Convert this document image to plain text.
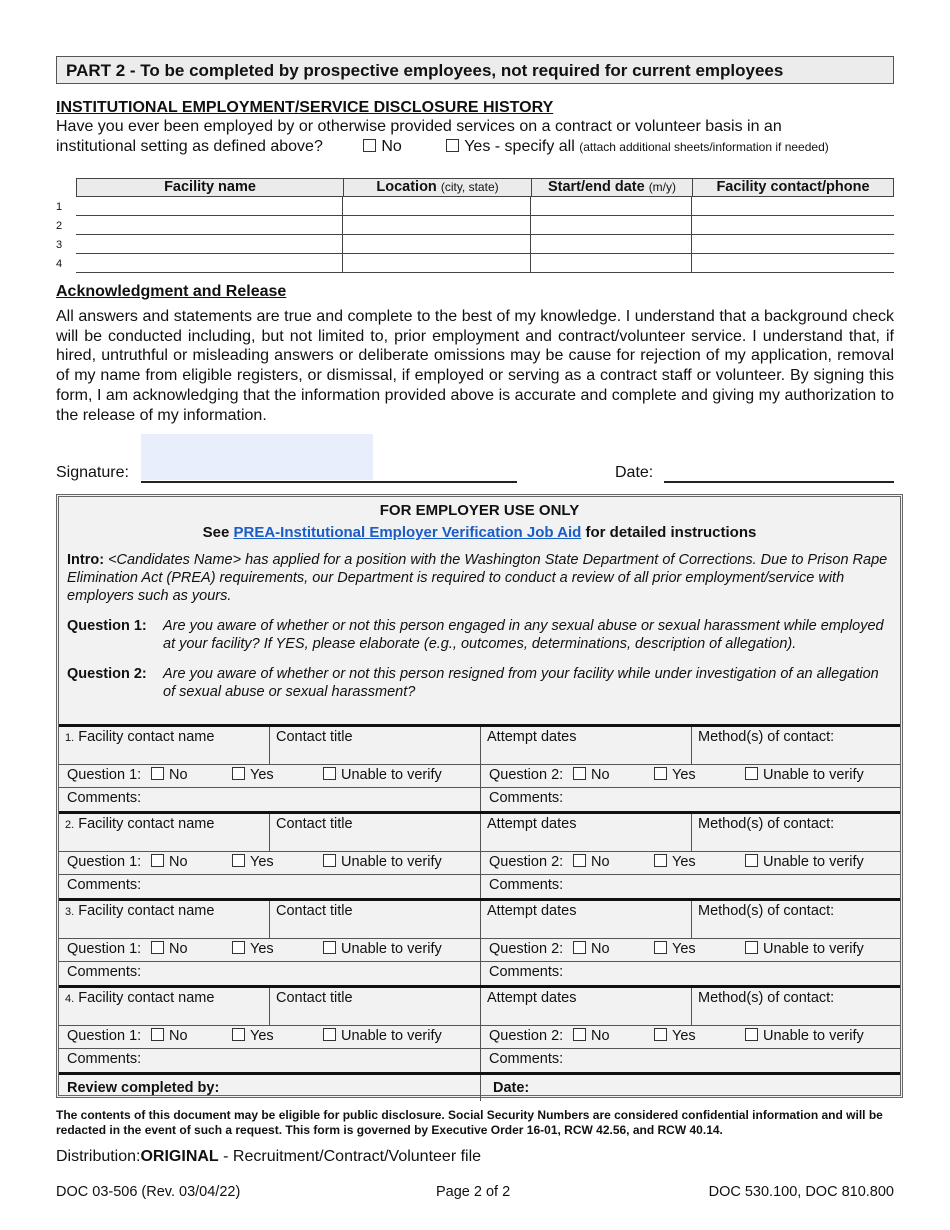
PART 2 - To be completed by prospective employees, not required for current employees
INSTITUTIONAL EMPLOYMENT/SERVICE DISCLOSURE HISTORY
Have you ever been employed by or otherwise provided services on a contract or volunteer basis in an
institutional setting as defined above?	No	Yes - specify all (attach additional sheets/information if needed)
Facility name	Location (city, state)	Start/end date (m/y)	Facility contact/phone
1
2
3
4
Acknowledgment and Release
All answers and statements are true and complete to the best of my knowledge. I understand that a background check will be conducted including, but not limited to, prior employment and contract/volunteer service. I understand that, if hired, untruthful or misleading answers or deliberate omissions may be cause for rejection of my application, removal of my name from eligible registers, or dismissal, if employed or serving as a contract staff or volunteer. By signing this form, I am acknowledging that the information provided above is accurate and complete and giving my authorization to the release of my information.
Signature:	Date:
FOR EMPLOYER USE ONLY
See PREA-Institutional Employer Verification Job Aid for detailed instructions
Intro: <Candidates Name> has applied for a position with the Washington State Department of Corrections. Due to Prison Rape Elimination Act (PREA) requirements, our Department is required to conduct a review of all prior employment/service with employers such as yours.
Question 1:	Are you aware of whether or not this person engaged in any sexual abuse or sexual harassment while employed at your facility? If YES, please elaborate (e.g., outcomes, determinations, description of allegation).
Question 2:	Are you aware of whether or not this person resigned from your facility while under investigation of an allegation of sexual abuse or sexual harassment?
1. Facility contact name	Contact title	Attempt dates	Method(s) of contact:
Question 1:	No	Yes	Unable to verify	Question 2:	No	Yes	Unable to verify
Comments:	Comments:
2. Facility contact name	Contact title	Attempt dates	Method(s) of contact:
Question 1:	No	Yes	Unable to verify	Question 2:	No	Yes	Unable to verify
Comments:	Comments:
3. Facility contact name	Contact title	Attempt dates	Method(s) of contact:
Question 1:	No	Yes	Unable to verify	Question 2:	No	Yes	Unable to verify
Comments:	Comments:
4. Facility contact name	Contact title	Attempt dates	Method(s) of contact:
Question 1:	No	Yes	Unable to verify	Question 2:	No	Yes	Unable to verify
Comments:	Comments:
Review completed by:	Date:
The contents of this document may be eligible for public disclosure. Social Security Numbers are considered confidential information and will be redacted in the event of such a request. This form is governed by Executive Order 16-01, RCW 42.56, and RCW 40.14.
Distribution:ORIGINAL - Recruitment/Contract/Volunteer file
DOC 03-506 (Rev. 03/04/22)	Page 2 of 2	DOC 530.100, DOC 810.800
